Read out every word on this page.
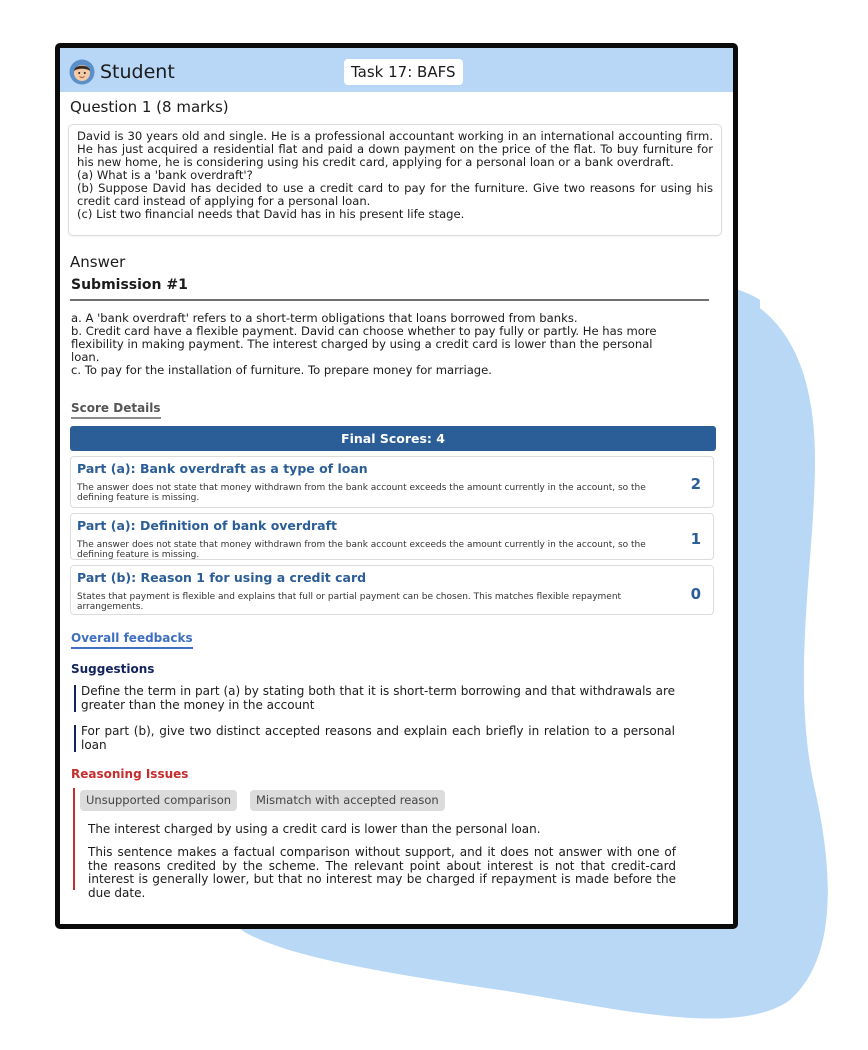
Student	Task 17: BAFS
Question 1 (8 marks)
David is 30 years old and single. He is a professional accountant working in an international accounting firm. He has just acquired a residential flat and paid a down payment on the price of the flat. To buy furniture for his new home, he is considering using his credit card, applying for a personal loan or a bank overdraft.
(a) What is a 'bank overdraft'?
(b) Suppose David has decided to use a credit card to pay for the furniture. Give two reasons for using his credit card instead of applying for a personal loan.
(c) List two financial needs that David has in his present life stage.
Answer
Submission #1
a. A 'bank overdraft' refers to a short-term obligations that loans borrowed from banks.
b. Credit card have a flexible payment. David can choose whether to pay fully or partly. He has more flexibility in making payment. The interest charged by using a credit card is lower than the personal loan.
c. To pay for the installation of furniture. To prepare money for marriage.
Score Details
Final Scores: 4
Part (a): Bank overdraft as a type of loan
The answer does not state that money withdrawn from the bank account exceeds the amount currently in the account, so the defining feature is missing.
2
Part (a): Definition of bank overdraft
The answer does not state that money withdrawn from the bank account exceeds the amount currently in the account, so the defining feature is missing.
1
Part (b): Reason 1 for using a credit card
States that payment is flexible and explains that full or partial payment can be chosen. This matches flexible repayment arrangements.
0
Overall feedbacks
Suggestions
Define the term in part (a) by stating both that it is short-term borrowing and that withdrawals are greater than the money in the account
For part (b), give two distinct accepted reasons and explain each briefly in relation to a personal loan
Reasoning Issues
Unsupported comparison	Mismatch with accepted reason
The interest charged by using a credit card is lower than the personal loan.
This sentence makes a factual comparison without support, and it does not answer with one of the reasons credited by the scheme. The relevant point about interest is not that credit-card interest is generally lower, but that no interest may be charged if repayment is made before the due date.
